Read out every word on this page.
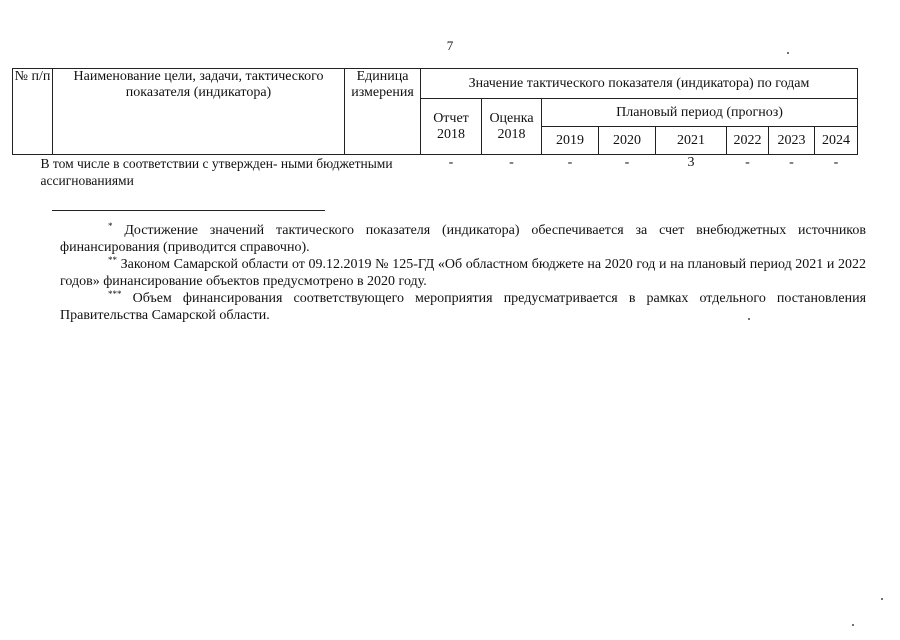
7
№ п/п	Наименование цели, задачи, тактического показателя (индикатора)	Единица измерения	Значение тактического показателя (индикатора) по годам							
			Отчет 2018	Оценка 2018	Плановый период (прогноз)					
					2019	2020	2021	2022	2023	2024
В том числе в соответствии с утвержден- ными бюджетными ассигнованиями			-	-	-	-	3	-	-	-
* Достижение значений тактического показателя (индикатора) обеспечивается за счет внебюджетных источников финансирования (приводится справочно).
** Законом Самарской области от 09.12.2019 № 125-ГД «Об областном бюджете на 2020 год и на плановый период 2021 и 2022 годов» финансирование объектов предусмотрено в 2020 году.
*** Объем финансирования соответствующего мероприятия предусматривается в рамках отдельного постановления Правительства Самарской области.
